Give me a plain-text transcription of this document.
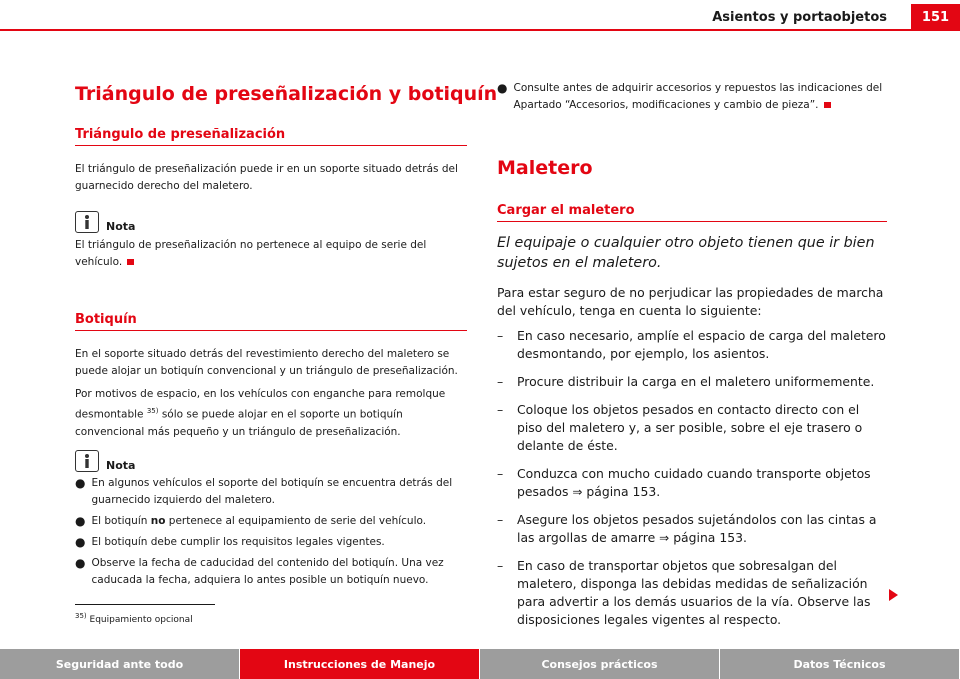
Asientos y portaobjetos	151
Triángulo de preseñalización y botiquín
Triángulo de preseñalización

El triángulo de preseñalización puede ir en un soporte situado detrás del guarnecido derecho del maletero.

Nota

El triángulo de preseñalización no pertenece al equipo de serie del vehículo.

Botiquín

En el soporte situado detrás del revestimiento derecho del maletero se puede alojar un botiquín convencional y un triángulo de preseñalización.

Por motivos de espacio, en los vehículos con enganche para remolque desmontable $^{35)}$ sólo se puede alojar en el soporte un botiquín convencional más pequeño y un triángulo de preseñalización.

Nota
● En algunos vehículos el soporte del botiquín se encuentra detrás del guarnecido izquierdo del maletero.
● El botiquín no pertenece al equipamiento de serie del vehículo.
● El botiquín debe cumplir los requisitos legales vigentes.
● Observe la fecha de caducidad del contenido del botiquín. Una vez caducada la fecha, adquiera lo antes posible un botiquín nuevo.
● Consulte antes de adquirir accesorios y repuestos las indicaciones del Apartado “Accesorios, modificaciones y cambio de pieza”.
Maletero
Cargar el maletero

El equipaje o cualquier otro objeto tienen que ir bien sujetos en el maletero.

Para estar seguro de no perjudicar las propiedades de marcha del vehículo, tenga en cuenta lo siguiente:

–	En caso necesario, amplíe el espacio de carga del maletero desmontando, por ejemplo, los asientos.
–	Procure distribuir la carga en el maletero uniformemente.
–	Coloque los objetos pesados en contacto directo con el piso del maletero y, a ser posible, sobre el eje trasero o delante de éste.
–	Conduzca con mucho cuidado cuando transporte objetos pesados ⇒ página 153.
–	Asegure los objetos pesados sujetándolos con las cintas a las argollas de amarre ⇒ página 153.
–	En caso de transportar objetos que sobresalgan del maletero, disponga las debidas medidas de señalización para advertir a los demás usuarios de la vía. Observe las disposiciones legales vigentes al respecto.
$^{35)}$ Equipamiento opcional
Seguridad ante todo	Instrucciones de Manejo	Consejos prácticos	Datos Técnicos
